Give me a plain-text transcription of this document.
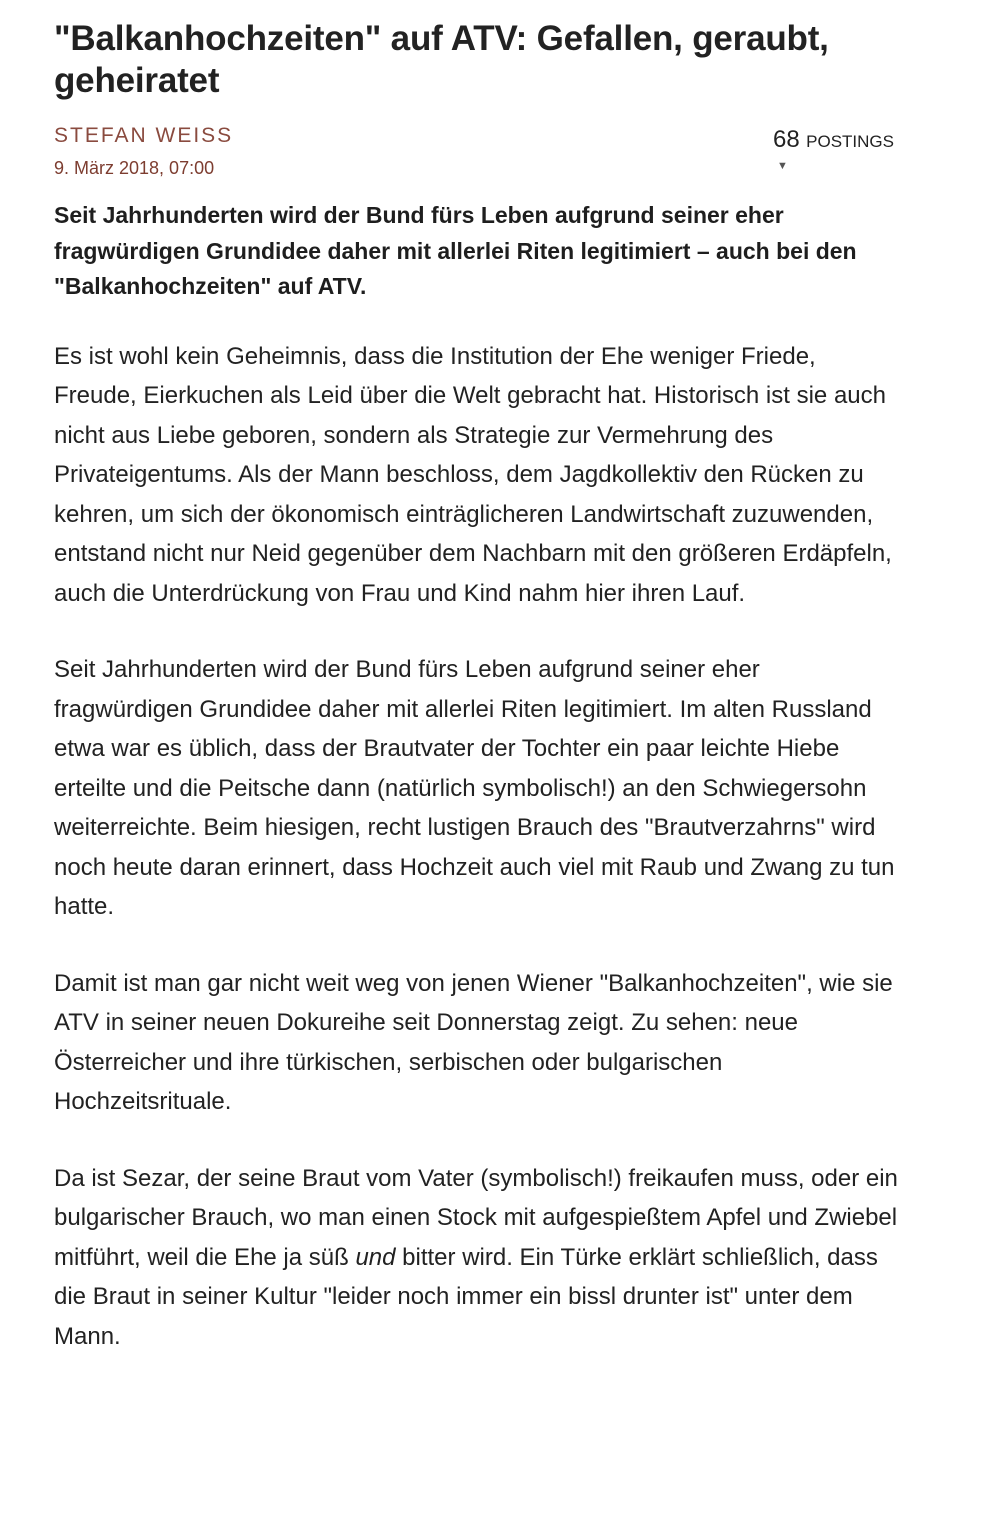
"Balkanhochzeiten" auf ATV: Gefallen, geraubt, geheiratet
STEFAN WEISS
9. März 2018, 07:00
68 POSTINGS
▼

Seit Jahrhunderten wird der Bund fürs Leben aufgrund seiner eher fragwürdigen Grundidee daher mit allerlei Riten legitimiert – auch bei den "Balkanhochzeiten" auf ATV.

Es ist wohl kein Geheimnis, dass die Institution der Ehe weniger Friede, Freude, Eierkuchen als Leid über die Welt gebracht hat. Historisch ist sie auch nicht aus Liebe geboren, sondern als Strategie zur Vermehrung des Privateigentums. Als der Mann beschloss, dem Jagdkollektiv den Rücken zu kehren, um sich der ökonomisch einträglicheren Landwirtschaft zuzuwenden, entstand nicht nur Neid gegenüber dem Nachbarn mit den größeren Erdäpfeln, auch die Unterdrückung von Frau und Kind nahm hier ihren Lauf.

Seit Jahrhunderten wird der Bund fürs Leben aufgrund seiner eher fragwürdigen Grundidee daher mit allerlei Riten legitimiert. Im alten Russland etwa war es üblich, dass der Brautvater der Tochter ein paar leichte Hiebe erteilte und die Peitsche dann (natürlich symbolisch!) an den Schwiegersohn weiterreichte. Beim hiesigen, recht lustigen Brauch des "Brautverzahrns" wird noch heute daran erinnert, dass Hochzeit auch viel mit Raub und Zwang zu tun hatte.

Damit ist man gar nicht weit weg von jenen Wiener "Balkanhochzeiten", wie sie ATV in seiner neuen Dokureihe seit Donnerstag zeigt. Zu sehen: neue Österreicher und ihre türkischen, serbischen oder bulgarischen Hochzeitsrituale.

Da ist Sezar, der seine Braut vom Vater (symbolisch!) freikaufen muss, oder ein bulgarischer Brauch, wo man einen Stock mit aufgespießtem Apfel und Zwiebel mitführt, weil die Ehe ja süß und bitter wird. Ein Türke erklärt schließlich, dass die Braut in seiner Kultur "leider noch immer ein bissl drunter ist" unter dem Mann.
